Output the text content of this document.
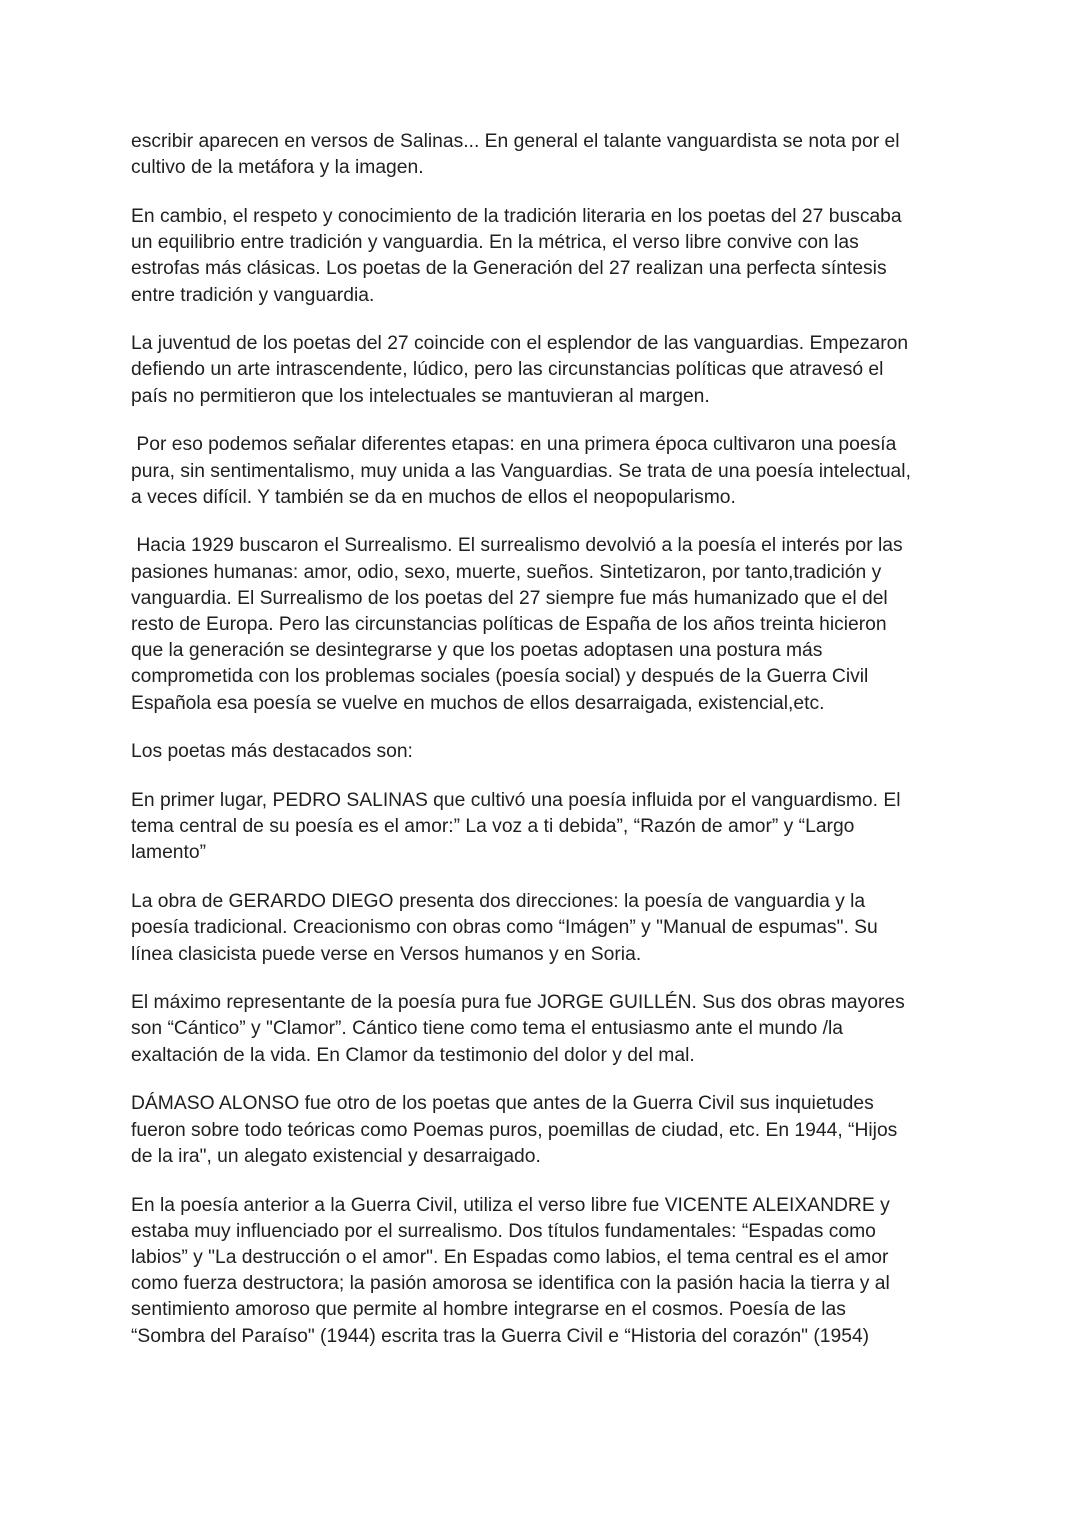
escribir aparecen en versos de Salinas... En general el talante vanguardista se nota por el
cultivo de la metáfora y la imagen.

En cambio, el respeto y conocimiento de la tradición literaria en los poetas del 27 buscaba
un equilibrio entre tradición y vanguardia. En la métrica, el verso libre convive con las
estrofas más clásicas. Los poetas de la Generación del 27 realizan una perfecta síntesis
entre tradición y vanguardia.

La juventud de los poetas del 27 coincide con el esplendor de las vanguardias. Empezaron
defiendo un arte intrascendente, lúdico, pero las circunstancias políticas que atravesó el
país no permitieron que los intelectuales se mantuvieran al margen.

Por eso podemos señalar diferentes etapas: en una primera época cultivaron una poesía
pura, sin sentimentalismo, muy unida a las Vanguardias. Se trata de una poesía intelectual,
a veces difícil. Y también se da en muchos de ellos el neopopularismo.

Hacia 1929 buscaron el Surrealismo. El surrealismo devolvió a la poesía el interés por las
pasiones humanas: amor, odio, sexo, muerte, sueños. Sintetizaron, por tanto,tradición y
vanguardia. El Surrealismo de los poetas del 27 siempre fue más humanizado que el del
resto de Europa. Pero las circunstancias políticas de España de los años treinta hicieron
que la generación se desintegrarse y que los poetas adoptasen una postura más
comprometida con los problemas sociales (poesía social) y después de la Guerra Civil
Española esa poesía se vuelve en muchos de ellos desarraigada, existencial,etc.

Los poetas más destacados son:

En primer lugar, PEDRO SALINAS que cultivó una poesía influida por el vanguardismo. El
tema central de su poesía es el amor:” La voz a ti debida”, “Razón de amor” y “Largo
lamento”

La obra de GERARDO DIEGO presenta dos direcciones: la poesía de vanguardia y la
poesía tradicional. Creacionismo con obras como “Imágen” y "Manual de espumas". Su
línea clasicista puede verse en Versos humanos y en Soria.

El máximo representante de la poesía pura fue JORGE GUILLÉN. Sus dos obras mayores
son “Cántico” y "Clamor”. Cántico tiene como tema el entusiasmo ante el mundo /la
exaltación de la vida. En Clamor da testimonio del dolor y del mal.

DÁMASO ALONSO fue otro de los poetas que antes de la Guerra Civil sus inquietudes
fueron sobre todo teóricas como Poemas puros, poemillas de ciudad, etc. En 1944, “Hijos
de la ira", un alegato existencial y desarraigado.

En la poesía anterior a la Guerra Civil, utiliza el verso libre fue VICENTE ALEIXANDRE y
estaba muy influenciado por el surrealismo. Dos títulos fundamentales: “Espadas como
labios” y "La destrucción o el amor". En Espadas como labios, el tema central es el amor
como fuerza destructora; la pasión amorosa se identifica con la pasión hacia la tierra y al
sentimiento amoroso que permite al hombre integrarse en el cosmos. Poesía de las
“Sombra del Paraíso" (1944) escrita tras la Guerra Civil e “Historia del corazón" (1954)
